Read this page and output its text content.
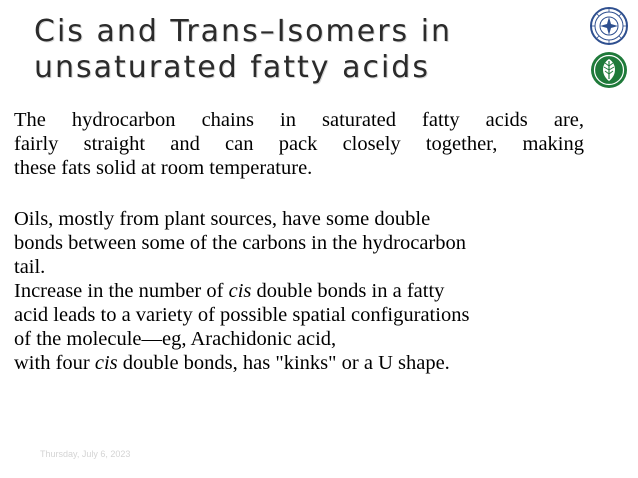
Cis and Trans–Isomers in
unsaturated fatty acids
The hydrocarbon chains in saturated fatty acids are,
fairly straight and can pack closely together, making
these fats solid at room temperature.
Oils, mostly from plant sources, have some double
bonds between some of the carbons in the hydrocarbon
tail.
Increase in the number of cis double bonds in a fatty
acid leads to a variety of possible spatial configurations
of the molecule—eg, Arachidonic acid,
with four cis double bonds, has "kinks" or a U shape.
Thursday, July 6, 2023
